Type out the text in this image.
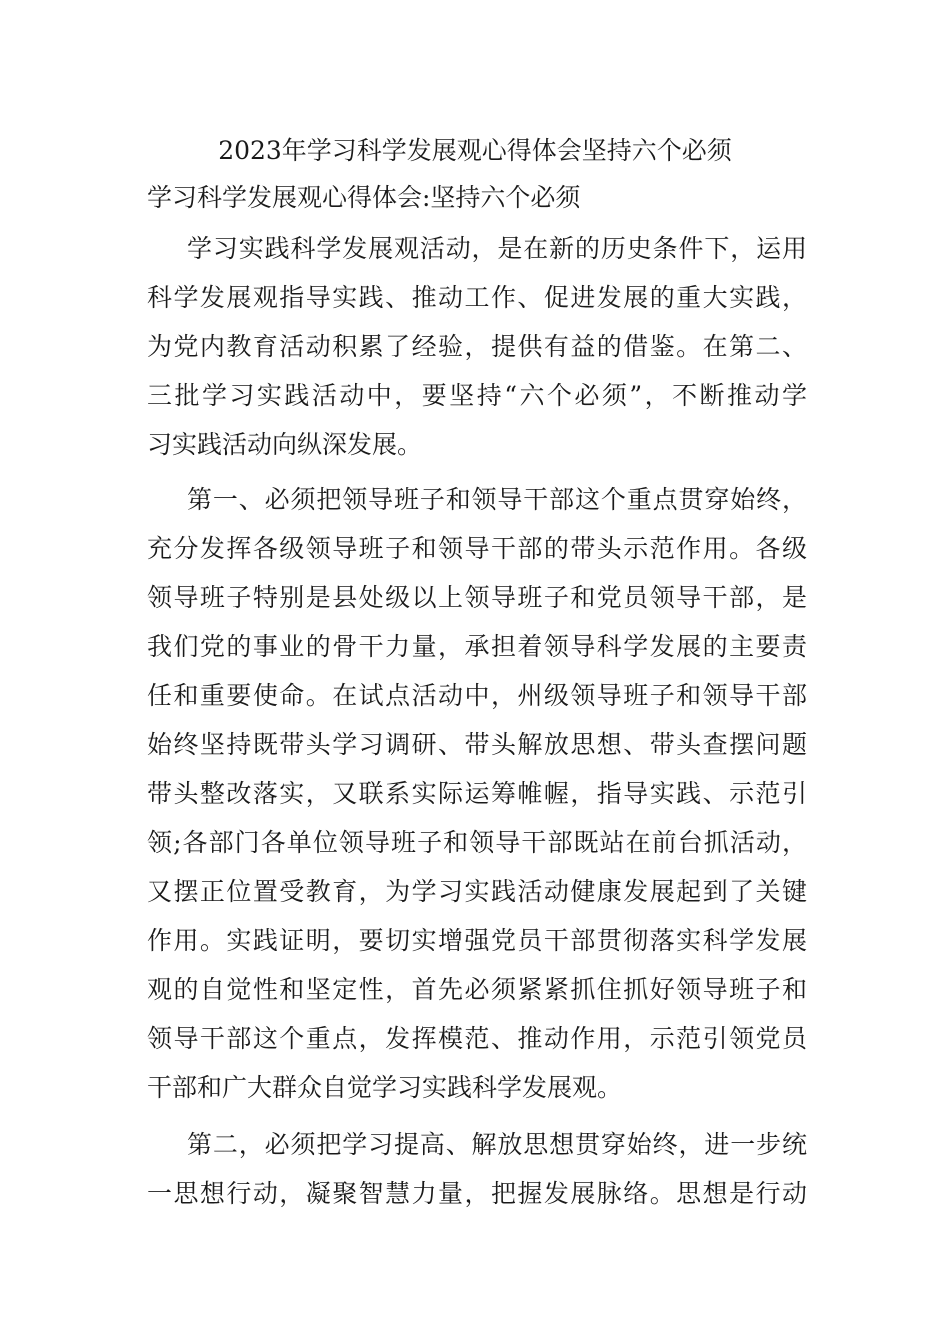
2023年学习科学发展观心得体会坚持六个必须
学习科学发展观心得体会:坚持六个必须
学习实践科学发展观活动，是在新的历史条件下，运用
科学发展观指导实践、推动工作、促进发展的重大实践，
为党内教育活动积累了经验，提供有益的借鉴。在第二、
三批学习实践活动中，要坚持“六个必须”，不断推动学
习实践活动向纵深发展。
第一、必须把领导班子和领导干部这个重点贯穿始终，
充分发挥各级领导班子和领导干部的带头示范作用。各级
领导班子特别是县处级以上领导班子和党员领导干部，是
我们党的事业的骨干力量，承担着领导科学发展的主要责
任和重要使命。在试点活动中，州级领导班子和领导干部
始终坚持既带头学习调研、带头解放思想、带头查摆问题
带头整改落实，又联系实际运筹帷幄，指导实践、示范引
领;各部门各单位领导班子和领导干部既站在前台抓活动，
又摆正位置受教育，为学习实践活动健康发展起到了关键
作用。实践证明，要切实增强党员干部贯彻落实科学发展
观的自觉性和坚定性，首先必须紧紧抓住抓好领导班子和
领导干部这个重点，发挥模范、推动作用，示范引领党员
干部和广大群众自觉学习实践科学发展观。
第二，必须把学习提高、解放思想贯穿始终，进一步统
一思想行动，凝聚智慧力量，把握发展脉络。思想是行动
